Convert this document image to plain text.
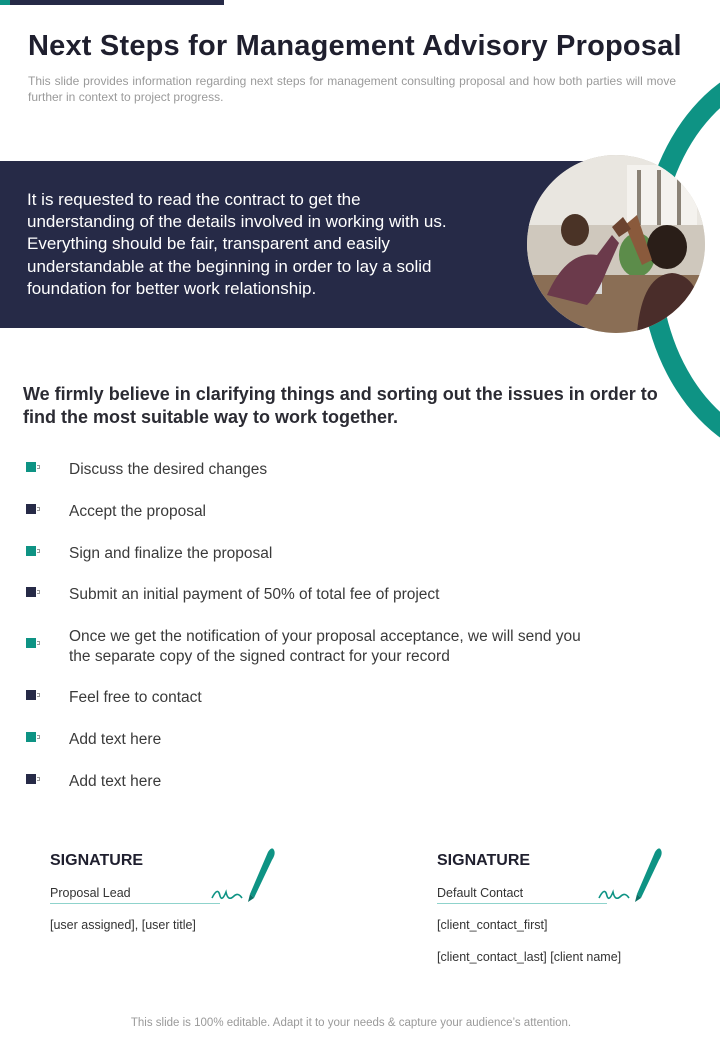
Next Steps for Management Advisory Proposal

This slide provides information regarding next steps for management consulting proposal and how both parties will move further in context to project progress.

It is requested to read the contract to get the understanding of the details involved in working with us. Everything should be fair, transparent and easily understandable at the beginning in order to lay a solid foundation for better work relationship.

We firmly believe in clarifying things and sorting out the issues in order to find the most suitable way to work together.

Discuss the desired changes
Accept the proposal
Sign and finalize the proposal
Submit an initial payment of 50% of total fee of project
Once we get the notification of your proposal acceptance, we will send you the separate copy of the signed contract for your record
Feel free to contact
Add text here
Add text here
SIGNATURE
Proposal Lead
[user assigned], [user title]
SIGNATURE
Default Contact
[client_contact_first]
[client_contact_last] [client name]

This slide is 100% editable. Adapt it to your needs & capture your audience’s attention.
